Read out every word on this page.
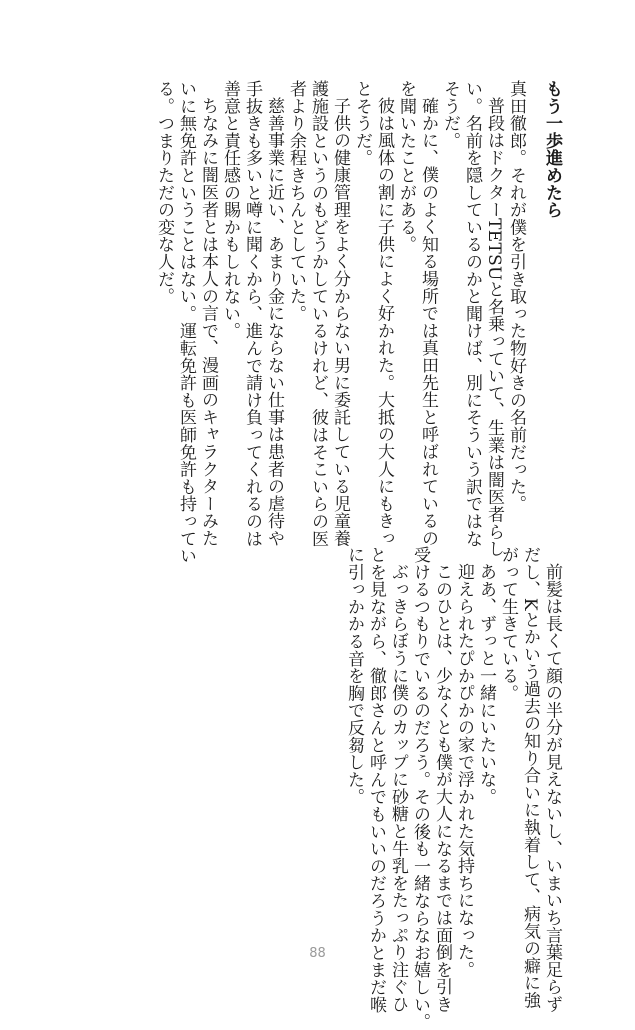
もう一歩進めたら
真田徹郎。それが僕を引き取った物好きの名前だった。
普段はドクターTETSUと名乗っていて、生業は闇医者らし
い。名前を隠しているのかと聞けば、別にそういう訳ではな
そうだ。
確かに、僕のよく知る場所では真田先生と呼ばれているの
を聞いたことがある。
彼は風体の割に子供によく好かれた。大抵の大人にもきっ
とそうだ。
子供の健康管理をよく分からない男に委託している児童養
護施設というのもどうかしているけれど、彼はそこいらの医
者より余程きちんとしていた。
慈善事業に近い、あまり金にならない仕事は患者の虐待や
手抜きも多いと噂に聞くから、進んで請け負ってくれるのは
善意と責任感の賜かもしれない。
ちなみに闇医者とは本人の言で、漫画のキャラクターみた
いに無免許ということはない。運転免許も医師免許も持ってい
る。つまりただの変な人だ。
前髪は長くて顔の半分が見えないし、いまいち言葉足らず
だし、Kとかいう過去の知り合いに執着して、病気の癖に強
がって生きている。
ああ、ずっと一緒にいたいな。
迎えられたぴかぴかの家で浮かれた気持ちになった。
このひとは、少なくとも僕が大人になるまでは面倒を引き
受けるつもりでいるのだろう。その後も一緒ならなお嬉しい。
ぶっきらぼうに僕のカップに砂糖と牛乳をたっぷり注ぐひ
とを見ながら、徹郎さんと呼んでもいいのだろうかとまだ喉
に引っかかる音を胸で反芻した。
88
